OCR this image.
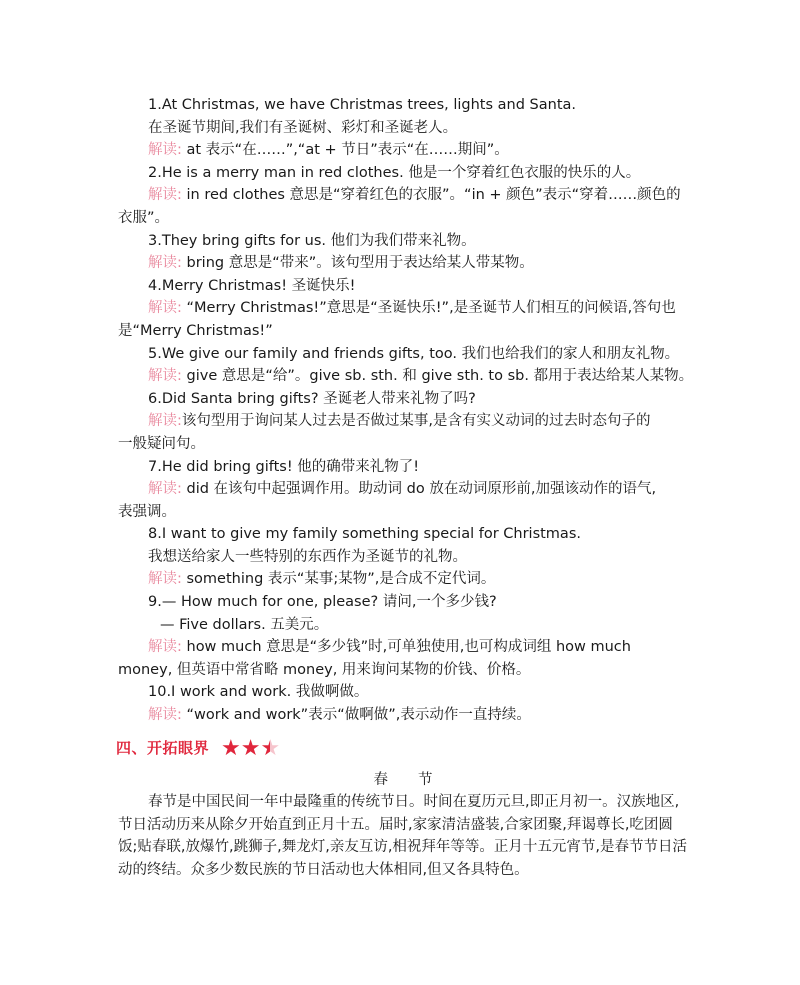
1.At Christmas, we have Christmas trees, lights and Santa.
在圣诞节期间,我们有圣诞树、彩灯和圣诞老人。
解读: at 表示“在……”,“at + 节日”表示“在……期间”。
2.He is a merry man in red clothes. 他是一个穿着红色衣服的快乐的人。
解读: in red clothes 意思是“穿着红色的衣服”。“in + 颜色”表示“穿着……颜色的
衣服”。
3.They bring gifts for us. 他们为我们带来礼物。
解读: bring 意思是“带来”。该句型用于表达给某人带某物。
4.Merry Christmas! 圣诞快乐!
解读: “Merry Christmas!”意思是“圣诞快乐!”,是圣诞节人们相互的问候语,答句也
是“Merry Christmas!”
5.We give our family and friends gifts, too. 我们也给我们的家人和朋友礼物。
解读: give 意思是“给”。give sb. sth. 和 give sth. to sb. 都用于表达给某人某物。
6.Did Santa bring gifts? 圣诞老人带来礼物了吗?
解读:该句型用于询问某人过去是否做过某事,是含有实义动词的过去时态句子的
一般疑问句。
7.He did bring gifts! 他的确带来礼物了!
解读: did 在该句中起强调作用。助动词 do 放在动词原形前,加强该动作的语气,
表强调。
8.I want to give my family something special for Christmas.
我想送给家人一些特别的东西作为圣诞节的礼物。
解读: something 表示“某事;某物”,是合成不定代词。
9.— How much for one, please? 请问,一个多少钱?
— Five dollars. 五美元。
解读: how much 意思是“多少钱”时,可单独使用,也可构成词组 how much
money, 但英语中常省略 money, 用来询问某物的价钱、价格。
10.I work and work. 我做啊做。
解读: “work and work”表示“做啊做”,表示动作一直持续。
四、开拓眼界 ★ ★ ★
春 节
春节是中国民间一年中最隆重的传统节日。时间在夏历元旦,即正月初一。汉族地区,节日活动历来从除夕开始直到正月十五。届时,家家清洁盛装,合家团聚,拜谒尊长,吃团圆饭;贴春联,放爆竹,跳狮子,舞龙灯,亲友互访,相祝拜年等等。正月十五元宵节,是春节节日活动的终结。众多少数民族的节日活动也大体相同,但又各具特色。
